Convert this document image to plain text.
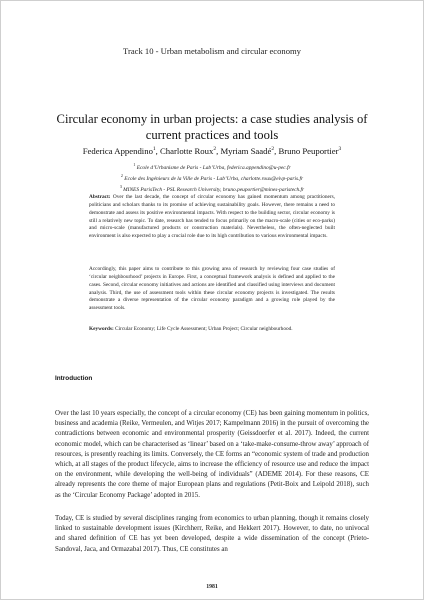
Track 10 - Urban metabolism and circular economy
Circular economy in urban projects: a case studies analysis of current practices and tools
Federica Appendino$^1$, Charlotte Roux$^2$, Myriam Saadé$^2$, Bruno Peuportier$^3$
$^1$ Ecole d’Urbanisme de Paris - Lab’Urba, federica.appendino@u-pec.fr
$^2$ Ecole des Ingénieurs de la Ville de Paris - Lab’Urba, charlotte.roux@eivp-paris.fr
$^3$ MINES ParisTech - PSL Research University, bruno.peuportier@mines-paristech.fr
Abstract: Over the last decade, the concept of circular economy has gained momentum among practitioners, politicians and scholars thanks to its promise of achieving sustainability goals. However, there remains a need to demonstrate and assess its positive environmental impacts. With respect to the building sector, circular economy is still a relatively new topic. To date, research has tended to focus primarily on the macro-scale (cities or eco-parks) and micro-scale (manufactured products or construction materials). Nevertheless, the often-neglected built environment is also expected to play a crucial role due to its high contribution to various environmental impacts.
Accordingly, this paper aims to contribute to this growing area of research by reviewing four case studies of ‘circular neighbourhood’ projects in Europe. First, a conceptual framework analysis is defined and applied to the cases. Second, circular economy initiatives and actions are identified and classified using interviews and document analysis. Third, the use of assessment tools within these circular economy projects is investigated. The results demonstrate a diverse representation of the circular economy paradigm and a growing role played by the assessment tools.
Keywords: Circular Economy; Life Cycle Assessment; Urban Project; Circular neighbourhood.
Introduction
Over the last 10 years especially, the concept of a circular economy (CE) has been gaining momentum in politics, business and academia (Reike, Vermeulen, and Witjes 2017; Kampelmann 2016) in the pursuit of overcoming the contradictions between economic and environmental prosperity (Geissdoerfer et al. 2017). Indeed, the current economic model, which can be characterised as ‘linear’ based on a ‘take-make-consume-throw away’ approach of resources, is presently reaching its limits. Conversely, the CE forms an “economic system of trade and production which, at all stages of the product lifecycle, aims to increase the efficiency of resource use and reduce the impact on the environment, while developing the well-being of individuals” (ADEME 2014). For these reasons, CE already represents the core theme of major European plans and regulations (Petit-Boix and Leipold 2018), such as the ‘Circular Economy Package’ adopted in 2015.
Today, CE is studied by several disciplines ranging from economics to urban planning, though it remains closely linked to sustainable development issues (Kirchherr, Reike, and Hekkert 2017). However, to date, no univocal and shared definition of CE has yet been developed, despite a wide dissemination of the concept (Prieto-Sandoval, Jaca, and Ormazabal 2017). Thus, CE constitutes an
1981
